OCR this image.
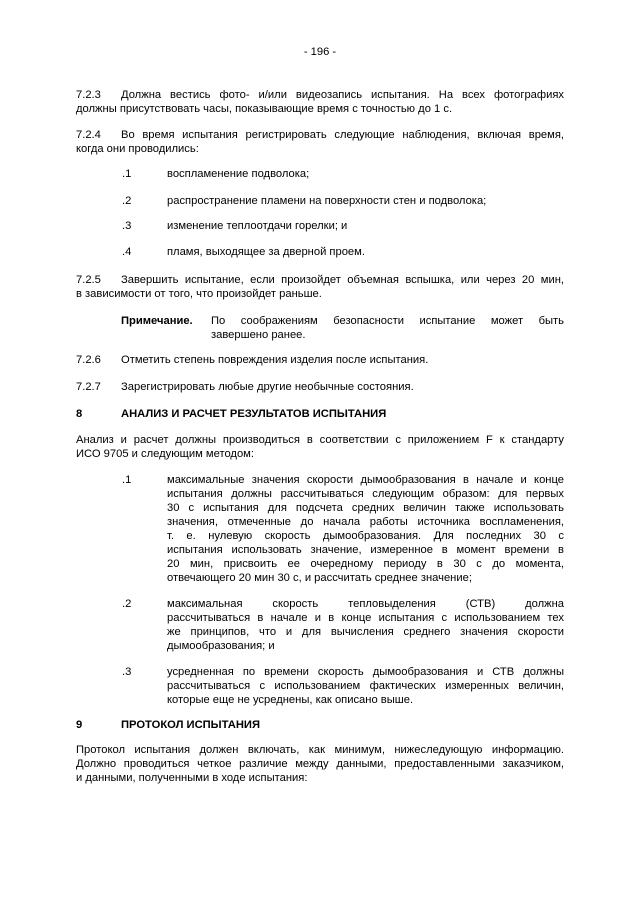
- 196 -
7.2.3 Должна вестись фото- и/или видеозапись испытания. На всех фотографиях
должны присутствовать часы, показывающие время с точностью до 1 с.
7.2.4 Во время испытания регистрировать следующие наблюдения, включая время,
когда они проводились:
.1	воспламенение подволока;
.2	распространение пламени на поверхности стен и подволока;
.3	изменение теплоотдачи горелки; и
.4	пламя, выходящее за дверной проем.
7.2.5 Завершить испытание, если произойдет объемная вспышка, или через 20 мин,
в зависимости от того, что произойдет раньше.
Примечание. По соображениям безопасности испытание может быть
завершено ранее.
7.2.6 Отметить степень повреждения изделия после испытания.
7.2.7 Зарегистрировать любые другие необычные состояния.
8	АНАЛИЗ И РАСЧЕТ РЕЗУЛЬТАТОВ ИСПЫТАНИЯ
Анализ и расчет должны производиться в соответствии с приложением F к стандарту
ИСО 9705 и следующим методом:
.1	максимальные значения скорости дымообразования в начале и конце
испытания должны рассчитываться следующим образом: для первых
30 с испытания для подсчета средних величин также использовать
значения, отмеченные до начала работы источника воспламенения,
т. е. нулевую скорость дымообразования. Для последних 30 с
испытания использовать значение, измеренное в момент времени в
20 мин, присвоить ее очередному периоду в 30 с до момента,
отвечающего 20 мин 30 с, и рассчитать среднее значение;
.2	максимальная скорость тепловыделения (СТВ) должна
рассчитываться в начале и в конце испытания с использованием тех
же принципов, что и для вычисления среднего значения скорости
дымообразования; и
.3	усредненная по времени скорость дымообразования и СТВ должны
рассчитываться с использованием фактических измеренных величин,
которые еще не усреднены, как описано выше.
9	ПРОТОКОЛ ИСПЫТАНИЯ
Протокол испытания должен включать, как минимум, нижеследующую информацию.
Должно проводиться четкое различие между данными, предоставленными заказчиком,
и данными, полученными в ходе испытания:
